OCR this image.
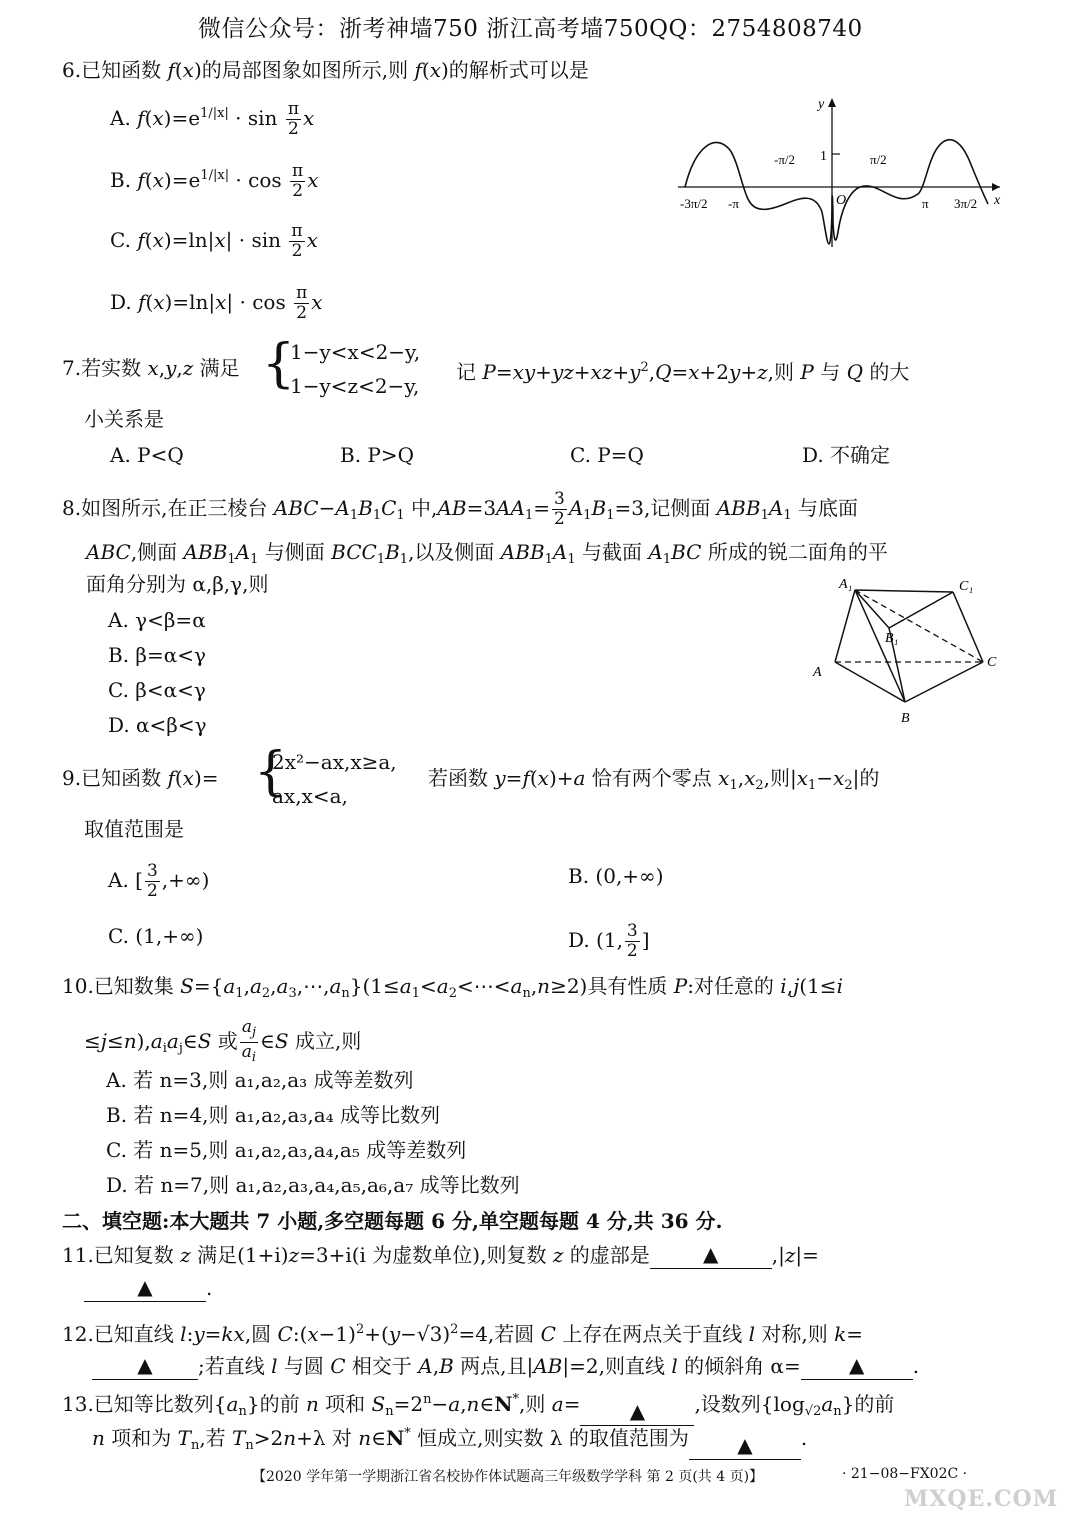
微信公众号：浙考神墙750 浙江高考墙750QQ：2754808740
6.已知函数 f(x)的局部图象如图所示,则 f(x)的解析式可以是
A. $f(x)=e^{1/|x|} \cdot \sin \frac{\pi}{2}$ x
B. $f(x)=e^{1/|x|} \cdot \cos \frac{\pi}{2}$ x
C. $f(x)=\ln|x| \cdot \sin \frac{\pi}{2}$ x
D. $f(x)=\ln|x| \cdot \cos \frac{\pi}{2}$ x
y
x
O
1
-3π/2 -π
-π/2	π/2
π 3π/2
7.若实数 x,y,z 满足 {
1−y<x<2−y,
1−y<z<2−y,
记 $P=xy+yz+xz+y^2,Q=x+2y+z$,则 P 与 Q 的大
小关系是
A. P<Q	B. P>Q	C. P=Q	D. 不确定
8.如图所示,在正三棱台 $ABC-A_1B_1C_1$ 中$,AB=3AA_1= \frac{3}{2} A_1B_1=3$,记侧面 $ABB_1A_1$ 与底面
ABC,侧面 $ABB_1A_1$ 与侧面 $BCC_1B_1$,以及侧面 $ABB_1A_1$ 与截面 $A_1BC$ 所成的锐二面角的平
面角分别为 α,β,γ,则
A. γ<β=α
B. β=α<γ
C. β<α<γ
D. α<β<γ
A₁	C₁
B₁
A
B
C
9.已知函数 f(x)= {
2x²−ax,x≥a,
ax,x<a,
若函数 y=f(x)+a 恰有两个零点 $x_1,x_2$,则$|x_1-x_2|$的
取值范围是
A. [ $\frac{3}{2}$ ,+∞)	B. (0,+∞)
C. (1,+∞)	D. (1, $\frac{3}{2}$ ]
10.已知数集 $S=\{a_1,a_2,a_3,\cdots,a_n\}(1\le a_1<a_2<\cdots<a_n,n\ge 2)$具有性质 P:对任意的 i,j(1≤i
$\le j\le n),a_ia_j\in S$ 或 $\frac{a_j}{a_i}$ ∈S 成立,则
A. 若 n=3,则 a₁,a₂,a₃ 成等差数列
B. 若 n=4,则 a₁,a₂,a₃,a₄ 成等比数列
C. 若 n=5,则 a₁,a₂,a₃,a₄,a₅ 成等差数列
D. 若 n=7,则 a₁,a₂,a₃,a₄,a₅,a₆,a₇ 成等比数列
二、填空题:本大题共 7 小题,多空题每题 6 分,单空题每题 4 分,共 36 分.
11.已知复数 z 满足(1+i)z=3+i(i 为虚数单位),则复数 z 的虚部是	▲	,|z|=
▲	.
12.已知直线 l:y=kx,圆 $C:(x-1)^2+(y-√3)^2=4$,若圆 C 上存在两点关于直线 l 对称,则 k=
▲ ;若直线 l 与圆 C 相交于 A,B 两点,且|AB|=2,则直线 l 的倾斜角 α= ▲ .
13.已知等比数列$\{a_n\}$的前 n 项和 $S_n=2^n-a,n\in N^*$,则 a= ▲ ,设数列$\{\log_{√2}a_n\}$的前
n 项和为 $T_n$,若 $T_n>2n+\lambda$ 对 n∈N* 恒成立,则实数 λ 的取值范围为 ▲ .
【2020 学年第一学期浙江省名校协作体试题高三年级数学学科 第 2 页(共 4 页)】	· 21−08−FX02C ·
MXQE.COM
